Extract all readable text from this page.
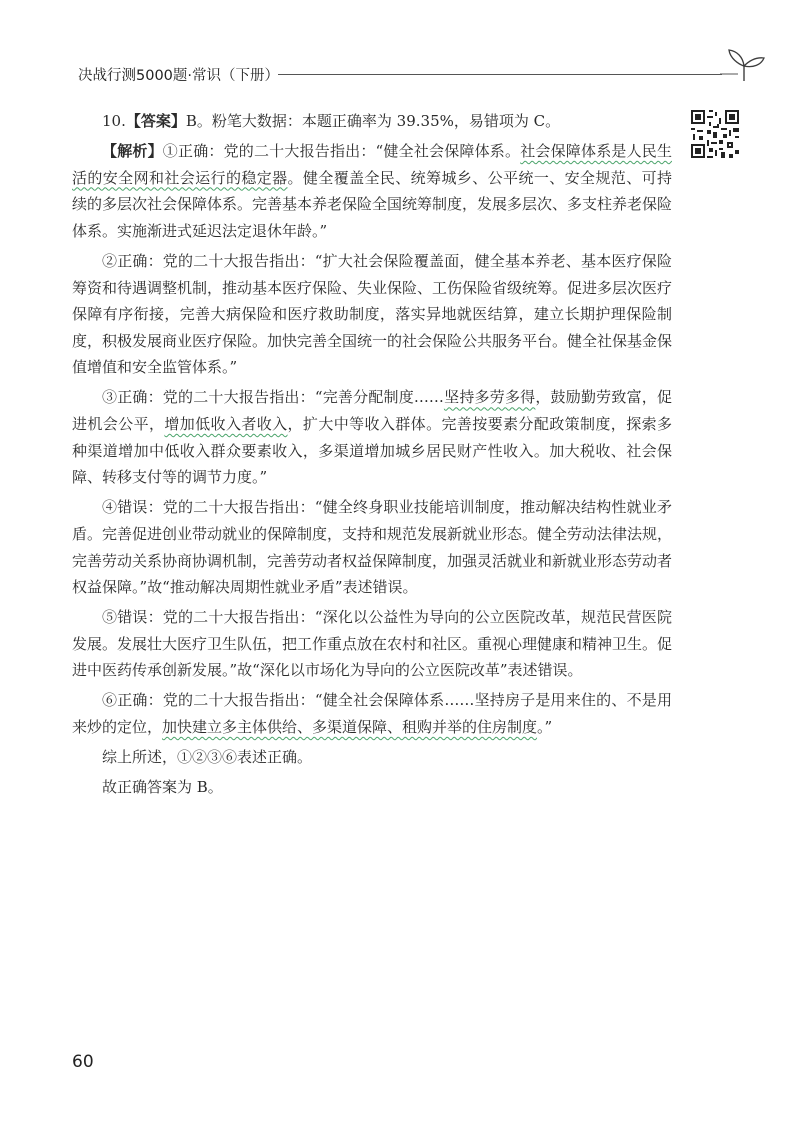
决战行测5000题·常识（下册）

10.【答案】B。粉笔大数据：本题正确率为 39.35%，易错项为 C。

【解析】①正确：党的二十大报告指出：“健全社会保障体系。社会保障体系是人民生活的安全网和社会运行的稳定器。健全覆盖全民、统筹城乡、公平统一、安全规范、可持续的多层次社会保障体系。完善基本养老保险全国统筹制度，发展多层次、多支柱养老保险体系。实施渐进式延迟法定退休年龄。”

②正确：党的二十大报告指出：“扩大社会保险覆盖面，健全基本养老、基本医疗保险筹资和待遇调整机制，推动基本医疗保险、失业保险、工伤保险省级统筹。促进多层次医疗保障有序衔接，完善大病保险和医疗救助制度，落实异地就医结算，建立长期护理保险制度，积极发展商业医疗保险。加快完善全国统一的社会保险公共服务平台。健全社保基金保值增值和安全监管体系。”

③正确：党的二十大报告指出：“完善分配制度……坚持多劳多得，鼓励勤劳致富，促进机会公平，增加低收入者收入，扩大中等收入群体。完善按要素分配政策制度，探索多种渠道增加中低收入群众要素收入，多渠道增加城乡居民财产性收入。加大税收、社会保障、转移支付等的调节力度。”

④错误：党的二十大报告指出：“健全终身职业技能培训制度，推动解决结构性就业矛盾。完善促进创业带动就业的保障制度，支持和规范发展新就业形态。健全劳动法律法规，完善劳动关系协商协调机制，完善劳动者权益保障制度，加强灵活就业和新就业形态劳动者权益保障。”故“推动解决周期性就业矛盾”表述错误。

⑤错误：党的二十大报告指出：“深化以公益性为导向的公立医院改革，规范民营医院发展。发展壮大医疗卫生队伍，把工作重点放在农村和社区。重视心理健康和精神卫生。促进中医药传承创新发展。”故“深化以市场化为导向的公立医院改革”表述错误。

⑥正确：党的二十大报告指出：“健全社会保障体系……坚持房子是用来住的、不是用来炒的定位，加快建立多主体供给、多渠道保障、租购并举的住房制度。”

综上所述，①②③⑥表述正确。

故正确答案为 B。

60
